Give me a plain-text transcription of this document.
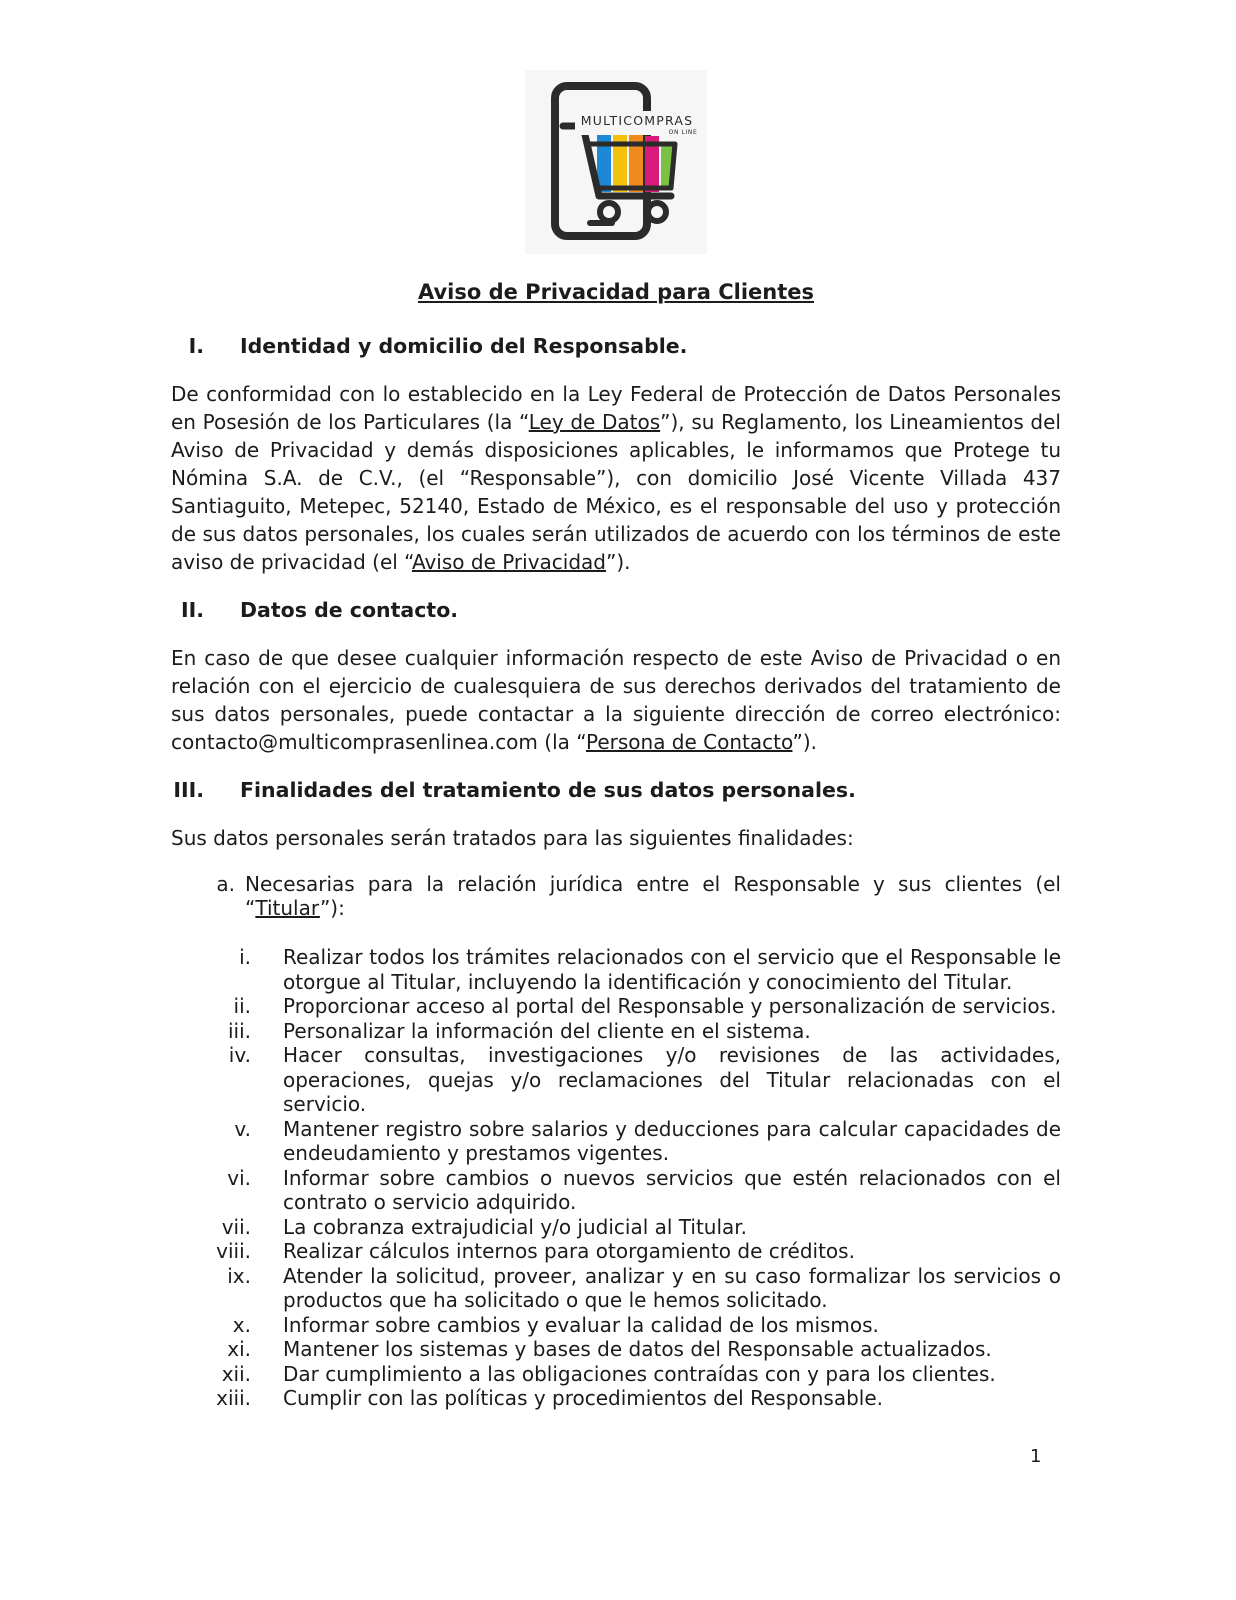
MULTICOMPRAS
ON LINE
Aviso de Privacidad para Clientes
I. Identidad y domicilio del Responsable.

De conformidad con lo establecido en la Ley Federal de Protección de Datos Personales en Posesión de los Particulares (la “Ley de Datos”), su Reglamento, los Lineamientos del Aviso de Privacidad y demás disposiciones aplicables, le informamos que Protege tu Nómina S.A. de C.V., (el “Responsable”), con domicilio José Vicente Villada 437 Santiaguito, Metepec, 52140, Estado de México, es el responsable del uso y protección de sus datos personales, los cuales serán utilizados de acuerdo con los términos de este aviso de privacidad (el “Aviso de Privacidad”).

II. Datos de contacto.

En caso de que desee cualquier información respecto de este Aviso de Privacidad o en relación con el ejercicio de cualesquiera de sus derechos derivados del tratamiento de sus datos personales, puede contactar a la siguiente dirección de correo electrónico: contacto@multicomprasenlinea.com (la “Persona de Contacto”).

III. Finalidades del tratamiento de sus datos personales.

Sus datos personales serán tratados para las siguientes finalidades:

a. Necesarias para la relación jurídica entre el Responsable y sus clientes (el “Titular”):
i.	Realizar todos los trámites relacionados con el servicio que el Responsable le otorgue al Titular, incluyendo la identificación y conocimiento del Titular.
ii.	Proporcionar acceso al portal del Responsable y personalización de servicios.
iii.	Personalizar la información del cliente en el sistema.
iv.	Hacer consultas, investigaciones y/o revisiones de las actividades, operaciones, quejas y/o reclamaciones del Titular relacionadas con el servicio.
v.	Mantener registro sobre salarios y deducciones para calcular capacidades de endeudamiento y prestamos vigentes.
vi.	Informar sobre cambios o nuevos servicios que estén relacionados con el contrato o servicio adquirido.
vii.	La cobranza extrajudicial y/o judicial al Titular.
viii.	Realizar cálculos internos para otorgamiento de créditos.
ix.	Atender la solicitud, proveer, analizar y en su caso formalizar los servicios o productos que ha solicitado o que le hemos solicitado.
x.	Informar sobre cambios y evaluar la calidad de los mismos.
xi.	Mantener los sistemas y bases de datos del Responsable actualizados.
xii.	Dar cumplimiento a las obligaciones contraídas con y para los clientes.
xiii.	Cumplir con las políticas y procedimientos del Responsable.
1
